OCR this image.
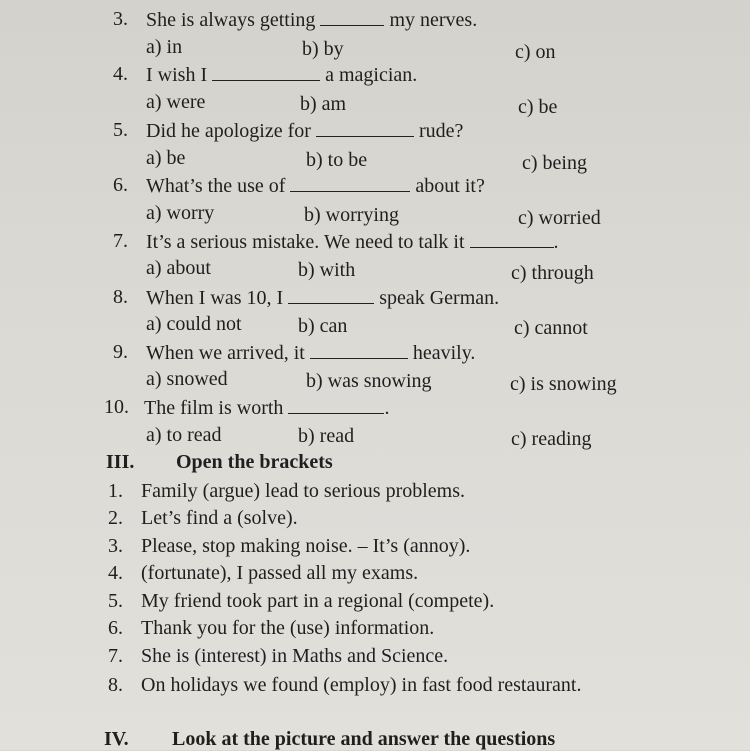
3. She is always getting	my nerves.
a) in	b) by	c) on
4. I wish I	a magician.
a) were	b) am	c) be
5. Did he apologize for	rude?
a) be	b) to be	c) being
6. What’s the use of	about it?
a) worry	b) worrying	c) worried
7. It’s a serious mistake. We need to talk it	.
a) about	b) with	c) through
8. When I was 10, I	speak German.
a) could not	b) can	c) cannot
9. When we arrived, it	heavily.
a) snowed	b) was snowing	c) is snowing
10. The film is worth	.
a) to read	b) read	c) reading
III. Open the brackets
1. Family (argue) lead to serious problems.
2. Let’s find a (solve).
3. Please, stop making noise. – It’s (annoy).
4. (fortunate), I passed all my exams.
5. My friend took part in a regional (compete).
6. Thank you for the (use) information.
7. She is (interest) in Maths and Science.
8. On holidays we found (employ) in fast food restaurant.
IV. Look at the picture and answer the questions
